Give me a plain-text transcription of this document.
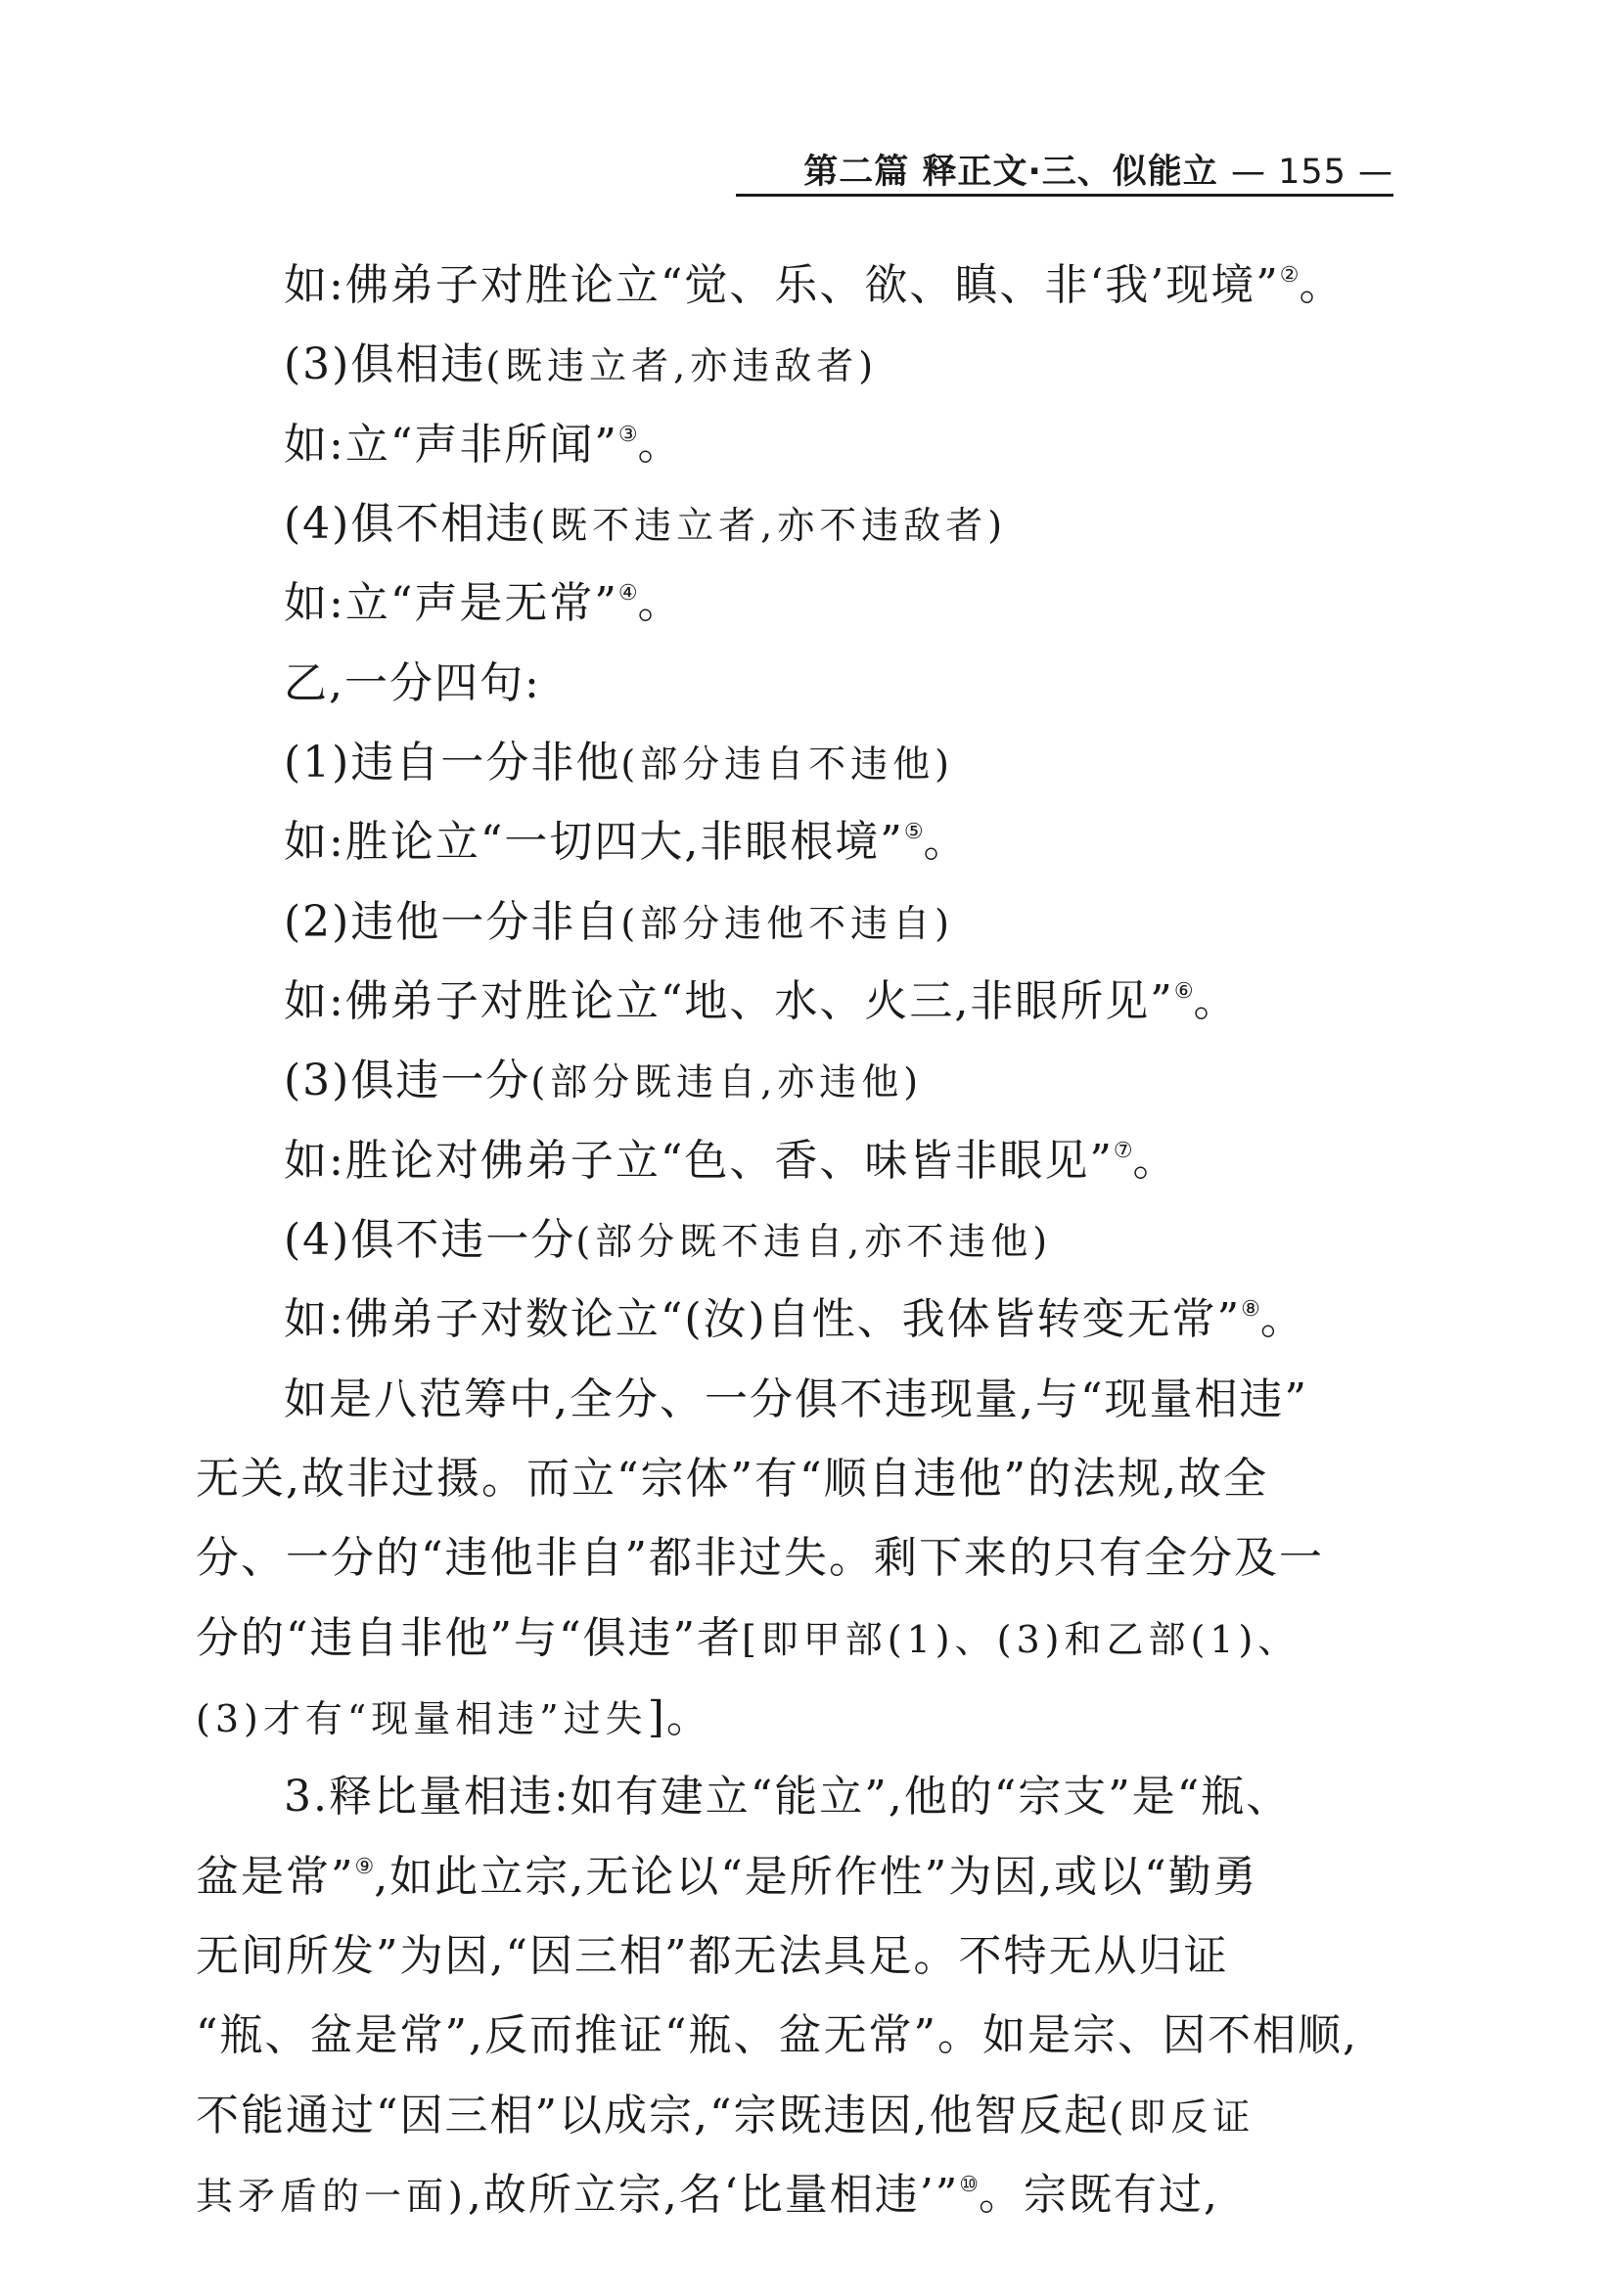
第二篇 释正文·三、似能立 — 155 —
如:佛弟子对胜论立“觉、乐、欲、瞋、非‘我’现境”②。
(3)俱相违(既违立者,亦违敌者)
如:立“声非所闻”③。
(4)俱不相违(既不违立者,亦不违敌者)
如:立“声是无常”④。
乙,一分四句:
(1)违自一分非他(部分违自不违他)
如:胜论立“一切四大,非眼根境”⑤。
(2)违他一分非自(部分违他不违自)
如:佛弟子对胜论立“地、水、火三,非眼所见”⑥。
(3)俱违一分(部分既违自,亦违他)
如:胜论对佛弟子立“色、香、味皆非眼见”⑦。
(4)俱不违一分(部分既不违自,亦不违他)
如:佛弟子对数论立“(汝)自性、我体皆转变无常”⑧。
如是八范筹中,全分、一分俱不违现量,与“现量相违”
无关,故非过摄。而立“宗体”有“顺自违他”的法规,故全
分、一分的“违他非自”都非过失。剩下来的只有全分及一
分的“违自非他”与“俱违”者[即甲部(1)、(3)和乙部(1)、
(3)才有“现量相违”过失]。
3.释比量相违:如有建立“能立”,他的“宗支”是“瓶、
盆是常”⑨,如此立宗,无论以“是所作性”为因,或以“勤勇
无间所发”为因,“因三相”都无法具足。不特无从归证
“瓶、盆是常”,反而推证“瓶、盆无常”。如是宗、因不相顺,
不能通过“因三相”以成宗,“宗既违因,他智反起(即反证
其矛盾的一面),故所立宗,名‘比量相违’”⑩。宗既有过,
